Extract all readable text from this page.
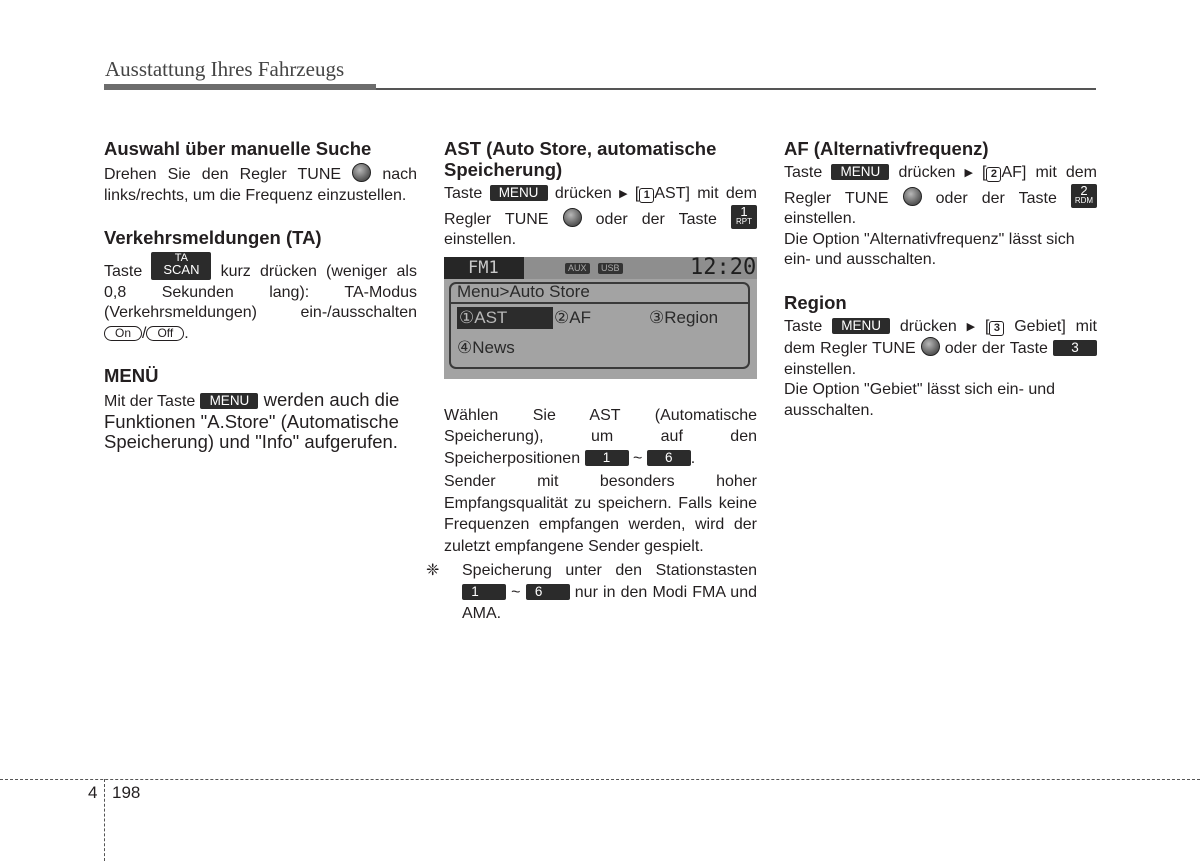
Ausstattung Ihres Fahrzeugs
Auswahl über manuelle Suche

Drehen Sie den Regler TUNE	nach links/rechts, um die Frequenz einzustellen.

Verkehrsmeldungen (TA)

Taste
TA
SCAN	kurz drücken (weniger als 0,8 Sekunden lang): TA-Modus (Verkehrsmeldungen) ein-/ausschalten On / Off .

MENÜ

Mit der Taste MENU werden auch die Funktionen "A.Store" (Automatische Speicherung) und "Info" aufgerufen.

AST (Auto Store, automatische Speicherung)

Taste MENU drücken ▶ [ 1 AST] mit dem Regler TUNE	oder der Taste	1
RPT
einstellen.

FM1	AUX	USB	12:20
Menu>Auto Store
①AST	②AF	③Region
④News

Wählen Sie AST (Automatische Speicherung), um auf den Speicherpositionen 1 ~ 6 .

Sender mit besonders hoher Empfangsqualität zu speichern. Falls keine Frequenzen empfangen werden, wird der zuletzt empfangene Sender gespielt.

❈ Speicherung unter den Stationstasten 1 ~ 6 nur in den Modi FMA und AMA.

AF (Alternativfrequenz)

Taste MENU drücken ▶ [ 2 AF] mit dem Regler TUNE	oder der Taste	2
RDM
einstellen.

Die Option "Alternativfrequenz" lässt sich ein- und ausschalten.

Region

Taste MENU drücken ▶ [ 3 Gebiet] mit dem Regler TUNE oder der Taste 3 einstellen.

Die Option "Gebiet" lässt sich ein- und ausschalten.

4 198
